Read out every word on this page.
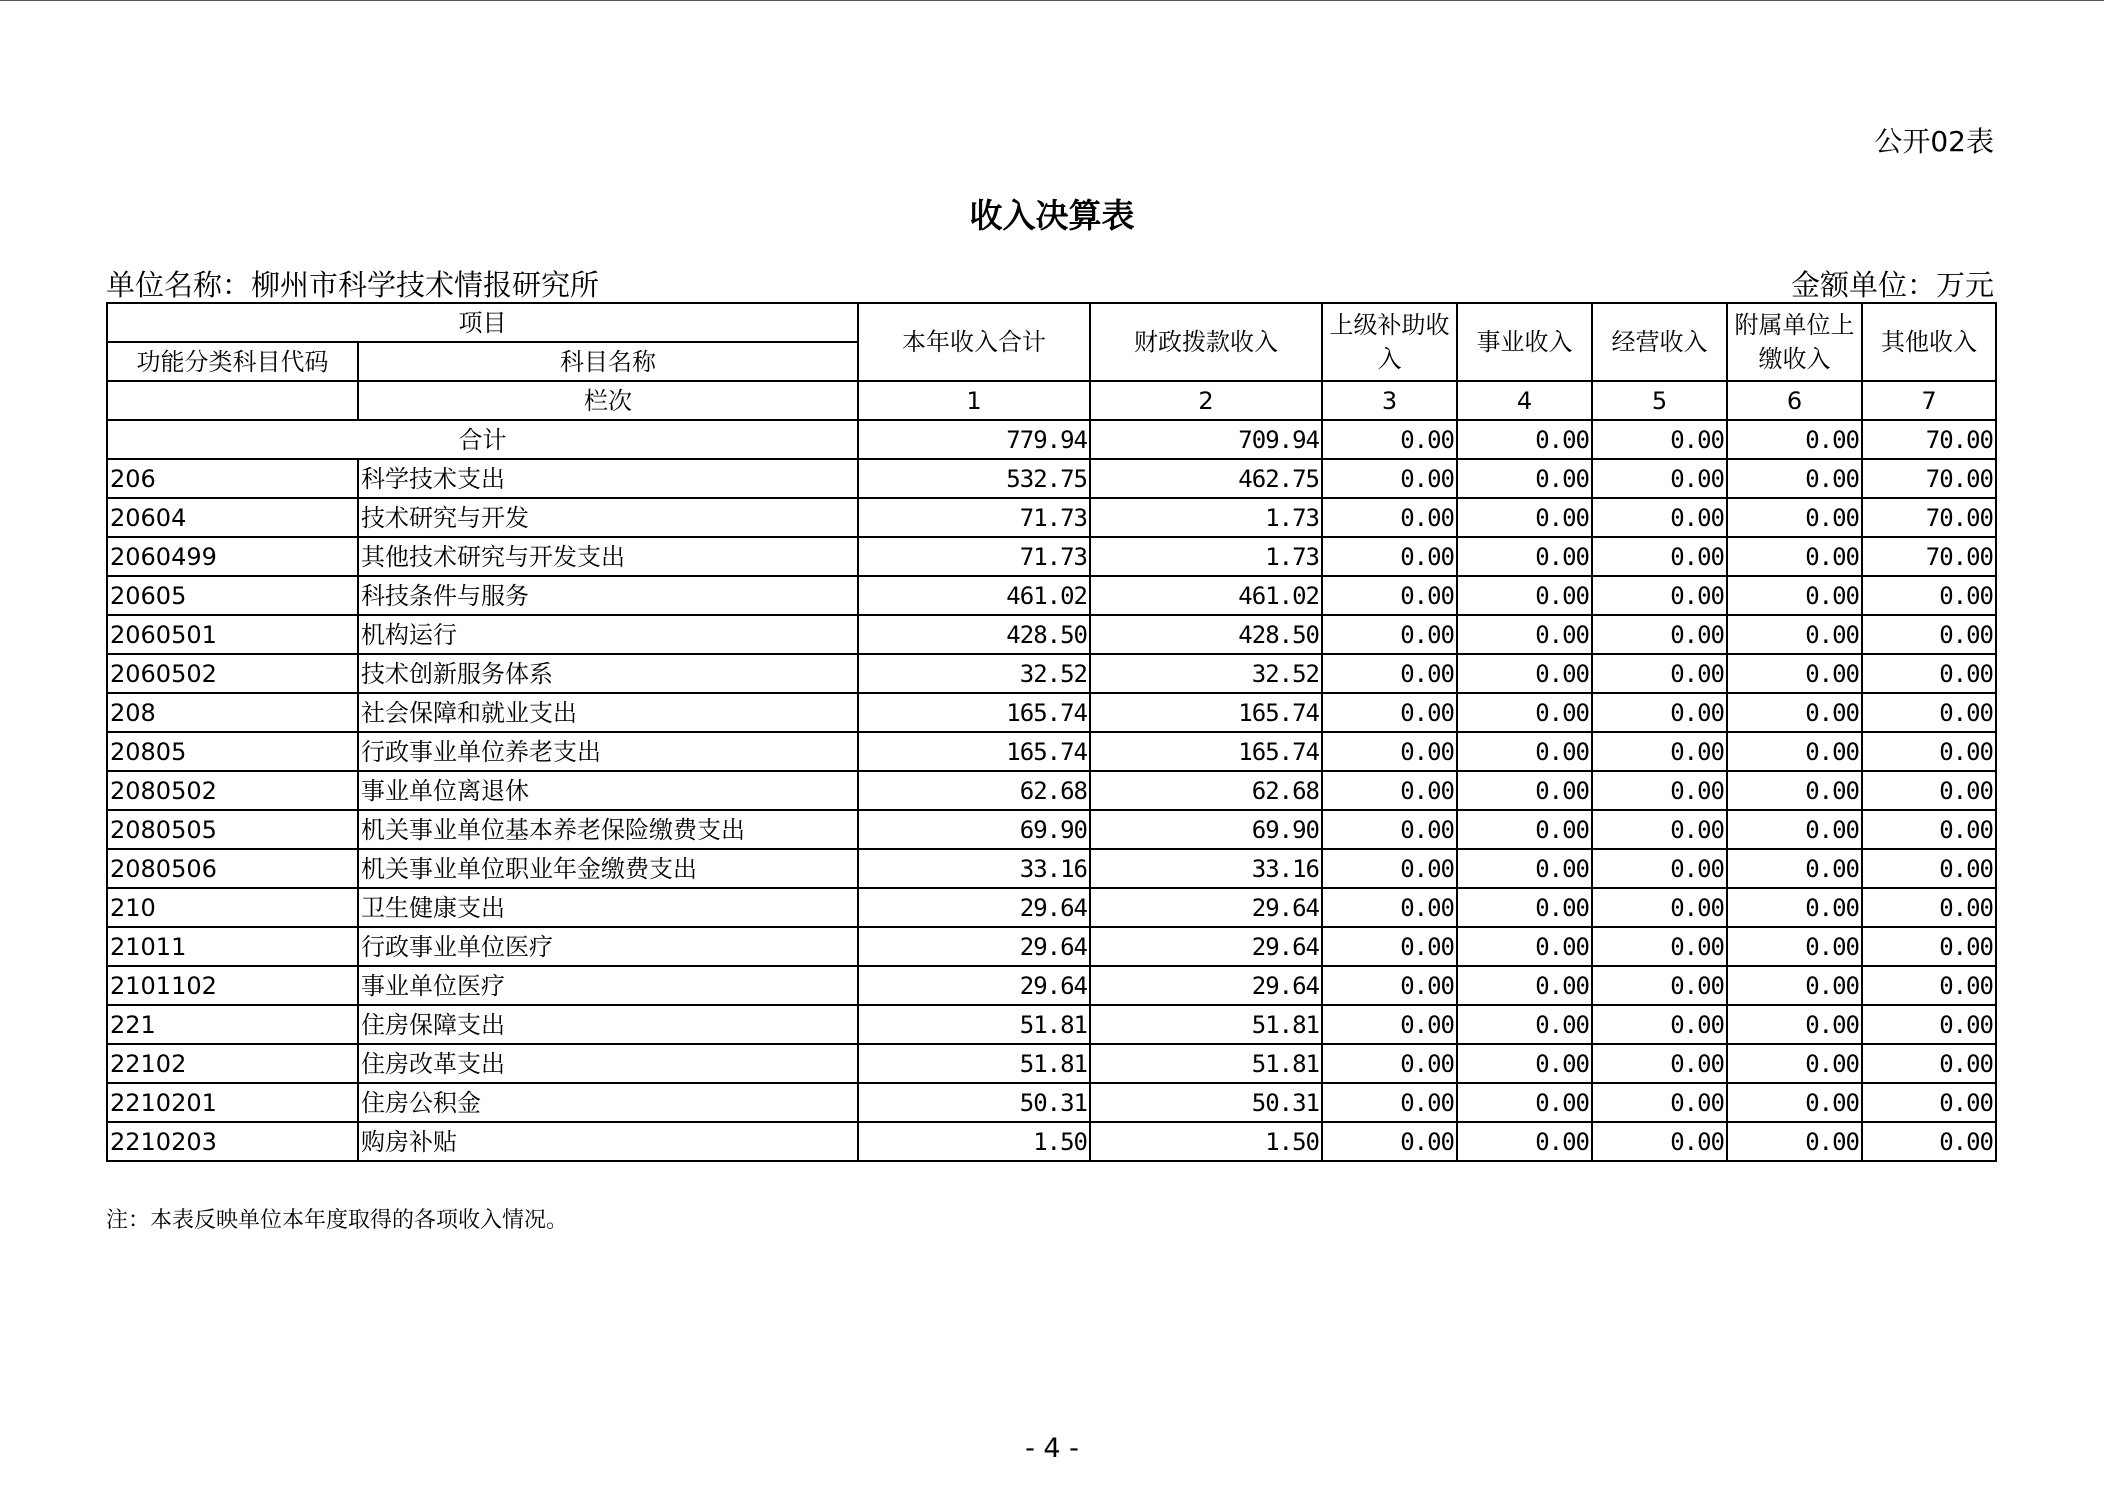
公开02表
收入决算表
单位名称：柳州市科学技术情报研究所	金额单位：万元
项目		本年收入合计	财政拨款收入	上级补助收入	事业收入	经营收入	附属单位上缴收入	其他收入
功能分类科目代码	科目名称							
	栏次	1	2	3	4	5	6	7
合计		779.94	709.94	0.00	0.00	0.00	0.00	70.00
206	科学技术支出	532.75	462.75	0.00	0.00	0.00	0.00	70.00
20604	技术研究与开发	71.73	1.73	0.00	0.00	0.00	0.00	70.00
2060499	其他技术研究与开发支出	71.73	1.73	0.00	0.00	0.00	0.00	70.00
20605	科技条件与服务	461.02	461.02	0.00	0.00	0.00	0.00	0.00
2060501	机构运行	428.50	428.50	0.00	0.00	0.00	0.00	0.00
2060502	技术创新服务体系	32.52	32.52	0.00	0.00	0.00	0.00	0.00
208	社会保障和就业支出	165.74	165.74	0.00	0.00	0.00	0.00	0.00
20805	行政事业单位养老支出	165.74	165.74	0.00	0.00	0.00	0.00	0.00
2080502	事业单位离退休	62.68	62.68	0.00	0.00	0.00	0.00	0.00
2080505	机关事业单位基本养老保险缴费支出	69.90	69.90	0.00	0.00	0.00	0.00	0.00
2080506	机关事业单位职业年金缴费支出	33.16	33.16	0.00	0.00	0.00	0.00	0.00
210	卫生健康支出	29.64	29.64	0.00	0.00	0.00	0.00	0.00
21011	行政事业单位医疗	29.64	29.64	0.00	0.00	0.00	0.00	0.00
2101102	事业单位医疗	29.64	29.64	0.00	0.00	0.00	0.00	0.00
221	住房保障支出	51.81	51.81	0.00	0.00	0.00	0.00	0.00
22102	住房改革支出	51.81	51.81	0.00	0.00	0.00	0.00	0.00
2210201	住房公积金	50.31	50.31	0.00	0.00	0.00	0.00	0.00
2210203	购房补贴	1.50	1.50	0.00	0.00	0.00	0.00	0.00
注：本表反映单位本年度取得的各项收入情况。
- 4 -
